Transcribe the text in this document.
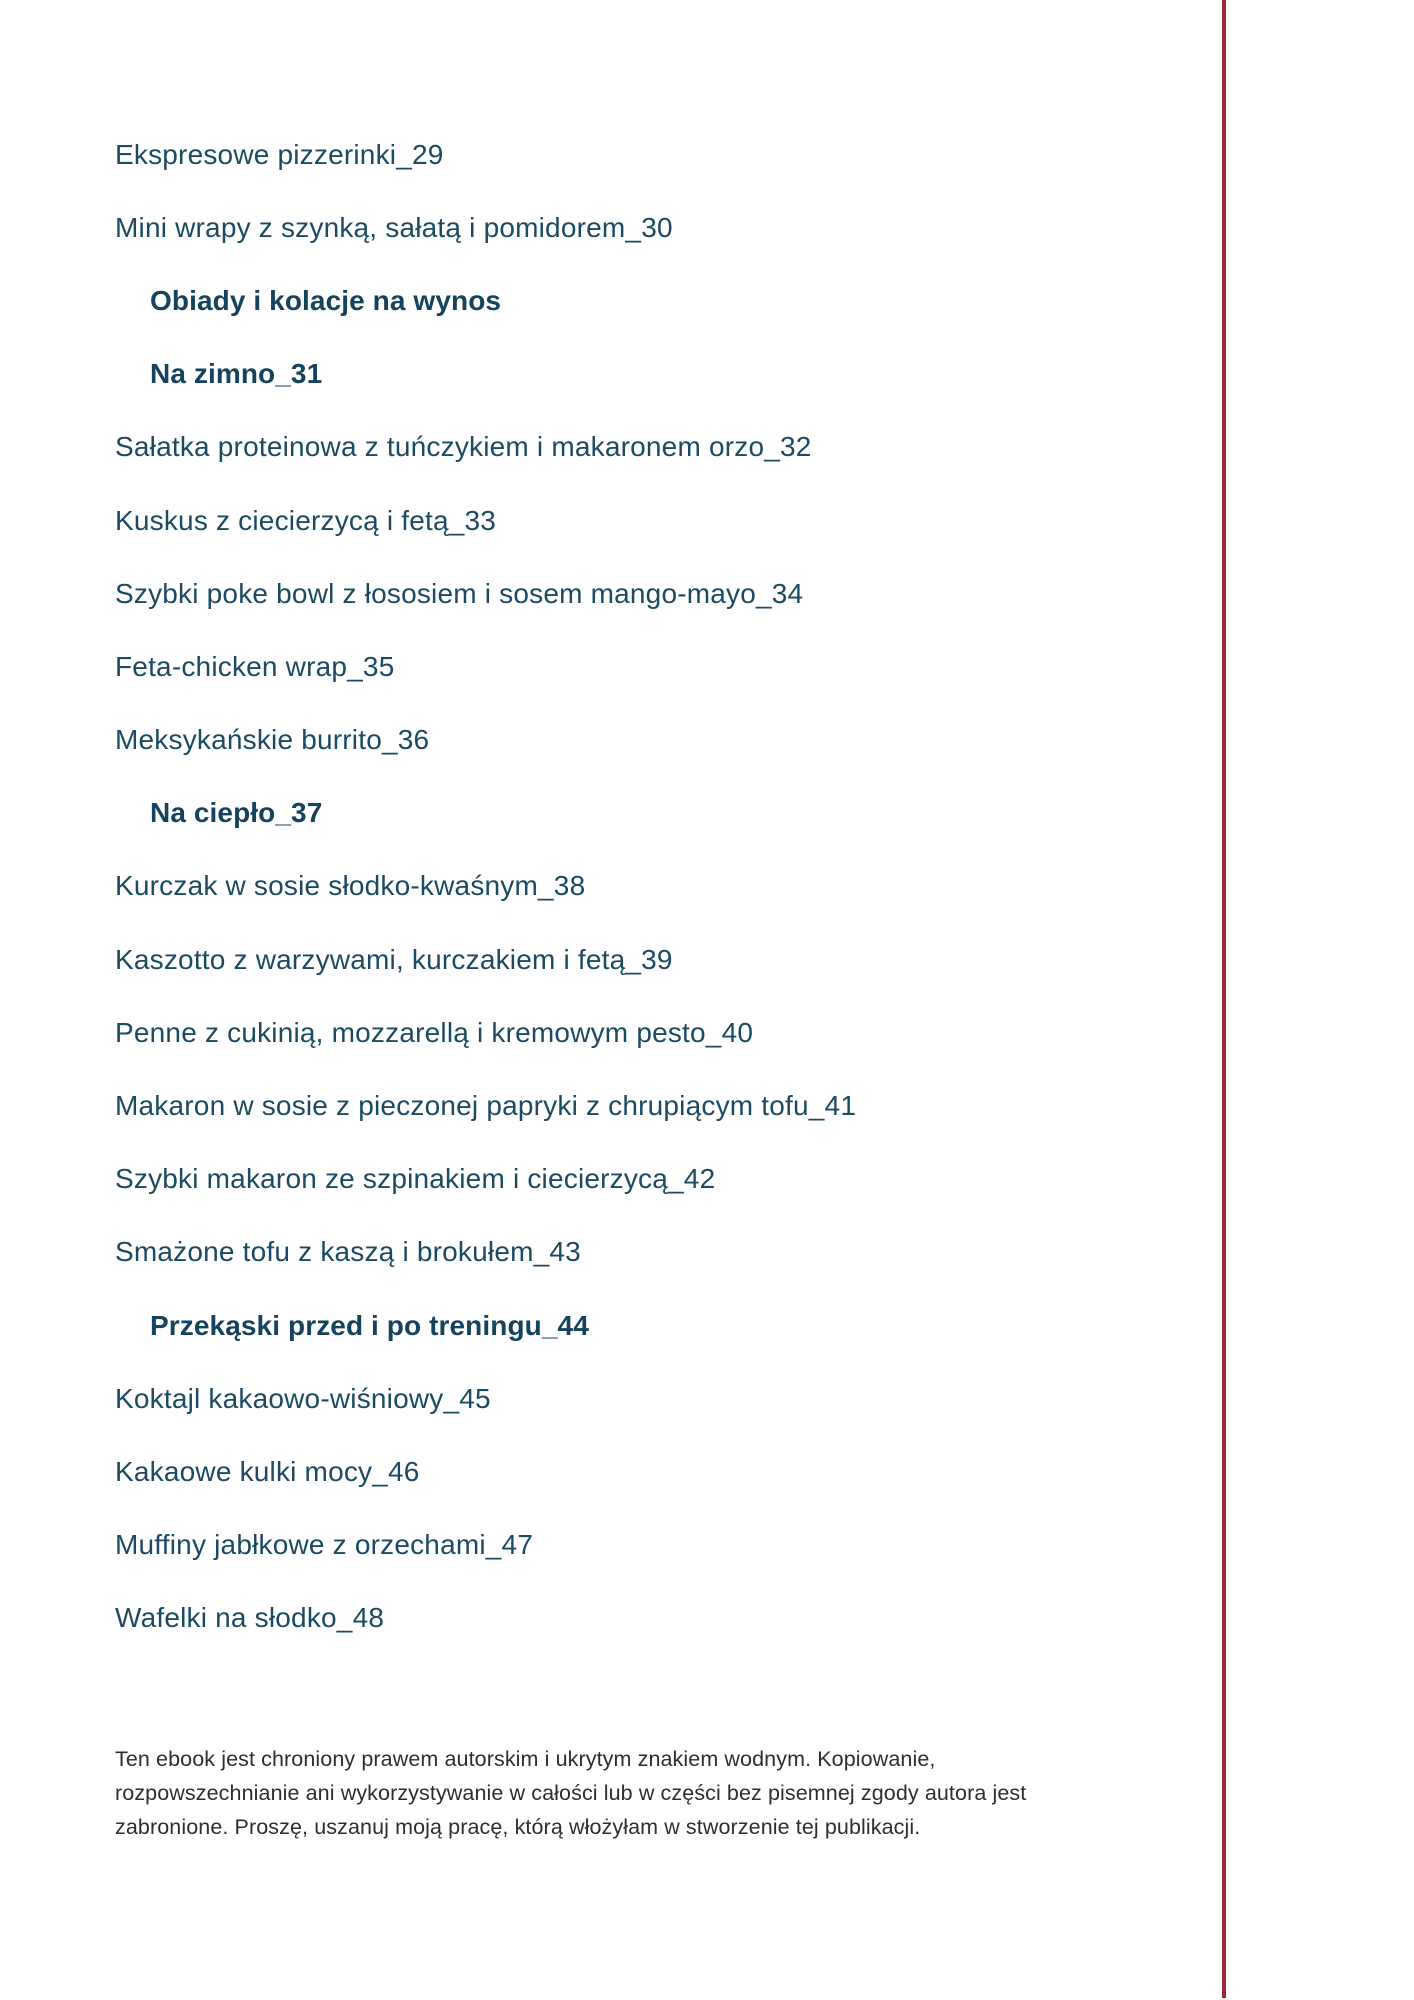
Ekspresowe pizzerinki_29
Mini wrapy z szynką, sałatą i pomidorem_30
Obiady i kolacje na wynos
Na zimno_31
Sałatka proteinowa z tuńczykiem i makaronem orzo_32
Kuskus z ciecierzycą i fetą_33
Szybki poke bowl z łososiem i sosem mango-mayo_34
Feta-chicken wrap_35
Meksykańskie burrito_36
Na ciepło_37
Kurczak w sosie słodko-kwaśnym_38
Kaszotto z warzywami, kurczakiem i fetą_39
Penne z cukinią, mozzarellą i kremowym pesto_40
Makaron w sosie z pieczonej papryki z chrupiącym tofu_41
Szybki makaron ze szpinakiem i ciecierzycą_42
Smażone tofu z kaszą i brokułem_43
Przekąski przed i po treningu_44
Koktajl kakaowo-wiśniowy_45
Kakaowe kulki mocy_46
Muffiny jabłkowe z orzechami_47
Wafelki na słodko_48
Ten ebook jest chroniony prawem autorskim i ukrytym znakiem wodnym. Kopiowanie,
rozpowszechnianie ani wykorzystywanie w całości lub w części bez pisemnej zgody autora jest
zabronione. Proszę, uszanuj moją pracę, którą włożyłam w stworzenie tej publikacji.
